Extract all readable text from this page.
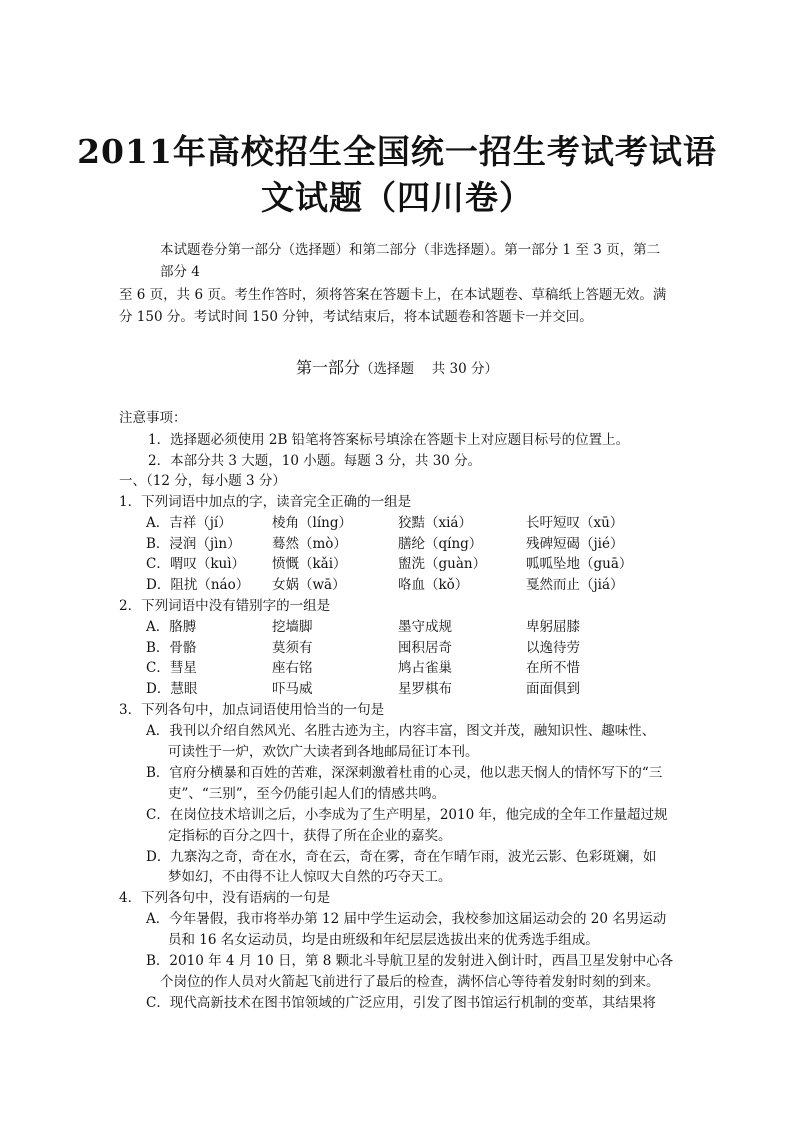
2011年高校招生全国统一招生考试考试语
文试题（四川卷）
本试题卷分第一部分（选择题）和第二部分（非选择题）。第一部分 1 至 3 页，第二
部分 4
至 6 页，共 6 页。考生作答时，须将答案在答题卡上，在本试题卷、草稿纸上答题无效。满
分 150 分。考试时间 150 分钟，考试结束后，将本试题卷和答题卡一并交回。
第一部分（选择题　 共 30 分）
注意事项：
1．选择题必须使用 2B 铅笔将答案标号填涂在答题卡上对应题目标号的位置上。
2．本部分共 3 大题，10 小题。每题 3 分，共 30 分。
一、（12 分，每小题 3 分）
1．下列词语中加点的字，读音完全正确的一组是
A．吉祥（jí）	棱角（líng）	狡黠（xiá）	长吁短叹（xū）
B．浸润（jìn） 蓦然（mò）	膳纶（qíng）	残碑短碣（jié）
C．喟叹（kuì） 愤慨（kǎi）	盥洗（guàn）	呱呱坠地（guā）
D．阻扰（náo） 女娲（wā）	咯血（kǒ）	戛然而止（jiá）
2．下列词语中没有错别字的一组是
A．胳膊	挖墙脚	墨守成规	卑躬屈膝
B．骨骼	莫须有	囤积居奇	以逸待劳
C．彗星	座右铭	鸠占雀巢	在所不惜
D．慧眼	吓马威	星罗棋布	面面俱到
3．下列各句中，加点词语使用恰当的一句是
A．我刊以介绍自然风光、名胜古迹为主，内容丰富，图文并茂，融知识性、趣味性、
可读性于一炉，欢饮广大读者到各地邮局征订本刊。
B．官府分横暴和百姓的苦难，深深刺激着杜甫的心灵，他以悲天悯人的情怀写下的“三
吏”、“三别”，至今仍能引起人们的情感共鸣。
C．在岗位技术培训之后，小李成为了生产明星，2010 年，他完成的全年工作量超过规
定指标的百分之四十，获得了所在企业的嘉奖。
D．九寨沟之奇，奇在水，奇在云，奇在雾，奇在乍晴乍雨，波光云影、色彩斑斓，如
梦如幻，不由得不让人惊叹大自然的巧夺天工。
4．下列各句中，没有语病的一句是
A．今年暑假，我市将举办第 12 届中学生运动会，我校参加这届运动会的 20 名男运动
员和 16 名女运动员，均是由班级和年纪层层选拔出来的优秀选手组成。
B．2010 年 4 月 10 日，第 8 颗北斗导航卫星的发射进入倒计时，西昌卫星发射中心各
个岗位的作人员对火箭起飞前进行了最后的检查，满怀信心等待着发射时刻的到来。
C．现代高新技术在图书馆领域的广泛应用，引发了图书馆运行机制的变革，其结果将
